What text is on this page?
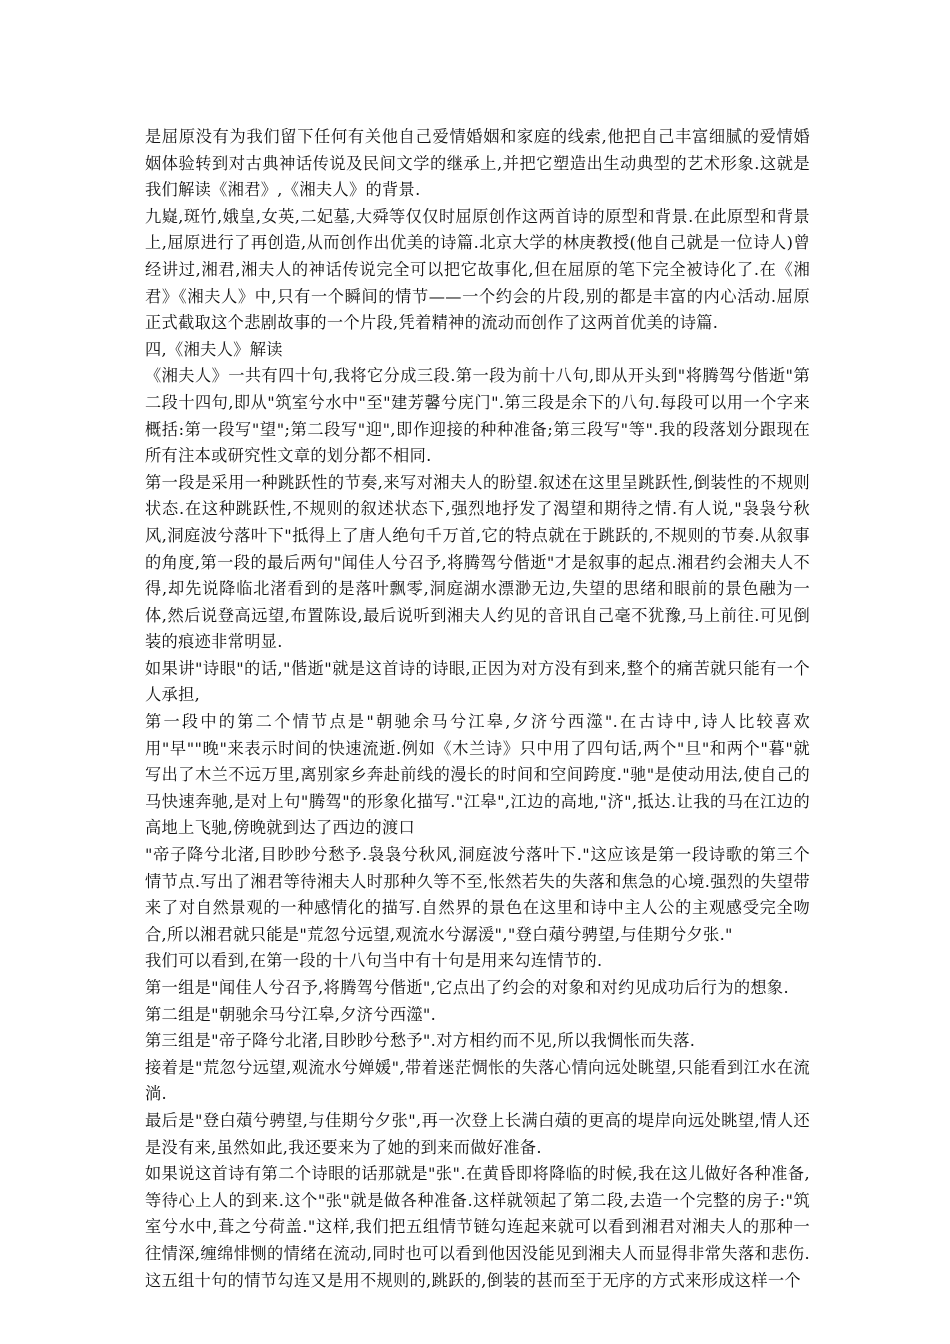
是屈原没有为我们留下任何有关他自己爱情婚姻和家庭的线索,他把自己丰富细腻的爱情婚姻体验转到对古典神话传说及民间文学的继承上,并把它塑造出生动典型的艺术形象.这就是我们解读《湘君》,《湘夫人》的背景.

九嶷,斑竹,娥皇,女英,二妃墓,大舜等仅仅时屈原创作这两首诗的原型和背景.在此原型和背景上,屈原进行了再创造,从而创作出优美的诗篇.北京大学的林庚教授(他自己就是一位诗人)曾经讲过,湘君,湘夫人的神话传说完全可以把它故事化,但在屈原的笔下完全被诗化了.在《湘君》《湘夫人》中,只有一个瞬间的情节——一个约会的片段,别的都是丰富的内心活动.屈原正式截取这个悲剧故事的一个片段,凭着精神的流动而创作了这两首优美的诗篇.

四,《湘夫人》解读

《湘夫人》一共有四十句,我将它分成三段.第一段为前十八句,即从开头到"将腾驾兮偕逝"第二段十四句,即从"筑室兮水中"至"建芳馨兮庑门".第三段是余下的八句.每段可以用一个字来概括:第一段写"望";第二段写"迎",即作迎接的种种准备;第三段写"等".我的段落划分跟现在所有注本或研究性文章的划分都不相同.

第一段是采用一种跳跃性的节奏,来写对湘夫人的盼望.叙述在这里呈跳跃性,倒装性的不规则状态.在这种跳跃性,不规则的叙述状态下,强烈地抒发了渴望和期待之情.有人说,"袅袅兮秋风,洞庭波兮落叶下"抵得上了唐人绝句千万首,它的特点就在于跳跃的,不规则的节奏.从叙事的角度,第一段的最后两句"闻佳人兮召予,将腾驾兮偕逝"才是叙事的起点.湘君约会湘夫人不得,却先说降临北渚看到的是落叶飘零,洞庭湖水漂渺无边,失望的思绪和眼前的景色融为一体,然后说登高远望,布置陈设,最后说听到湘夫人约见的音讯自己毫不犹豫,马上前往.可见倒装的痕迹非常明显.

如果讲"诗眼"的话,"偕逝"就是这首诗的诗眼,正因为对方没有到来,整个的痛苦就只能有一个人承担,

第一段中的第二个情节点是"朝驰余马兮江皋,夕济兮西澨".在古诗中,诗人比较喜欢用"早""晚"来表示时间的快速流逝.例如《木兰诗》只中用了四句话,两个"旦"和两个"暮"就写出了木兰不远万里,离别家乡奔赴前线的漫长的时间和空间跨度."驰"是使动用法,使自己的马快速奔驰,是对上句"腾驾"的形象化描写."江皋",江边的高地,"济",抵达.让我的马在江边的高地上飞驰,傍晚就到达了西边的渡口

"帝子降兮北渚,目眇眇兮愁予.袅袅兮秋风,洞庭波兮落叶下."这应该是第一段诗歌的第三个情节点.写出了湘君等待湘夫人时那种久等不至,怅然若失的失落和焦急的心境.强烈的失望带来了对自然景观的一种感情化的描写.自然界的景色在这里和诗中主人公的主观感受完全吻合,所以湘君就只能是"荒忽兮远望,观流水兮潺湲","登白薠兮骋望,与佳期兮夕张."

我们可以看到,在第一段的十八句当中有十句是用来勾连情节的.

第一组是"闻佳人兮召予,将腾驾兮偕逝",它点出了约会的对象和对约见成功后行为的想象.

第二组是"朝驰余马兮江皋,夕济兮西澨".

第三组是"帝子降兮北渚,目眇眇兮愁予".对方相约而不见,所以我惆怅而失落.

接着是"荒忽兮远望,观流水兮婵媛",带着迷茫惆怅的失落心情向远处眺望,只能看到江水在流淌.

最后是"登白薠兮骋望,与佳期兮夕张",再一次登上长满白薠的更高的堤岸向远处眺望,情人还是没有来,虽然如此,我还要来为了她的到来而做好准备.

如果说这首诗有第二个诗眼的话那就是"张".在黄昏即将降临的时候,我在这儿做好各种准备,等待心上人的到来.这个"张"就是做各种准备.这样就领起了第二段,去造一个完整的房子:"筑室兮水中,葺之兮荷盖."这样,我们把五组情节链勾连起来就可以看到湘君对湘夫人的那种一往情深,缠绵悱恻的情绪在流动,同时也可以看到他因没能见到湘夫人而显得非常失落和悲伤.这五组十句的情节勾连又是用不规则的,跳跃的,倒装的甚而至于无序的方式来形成这样一个
